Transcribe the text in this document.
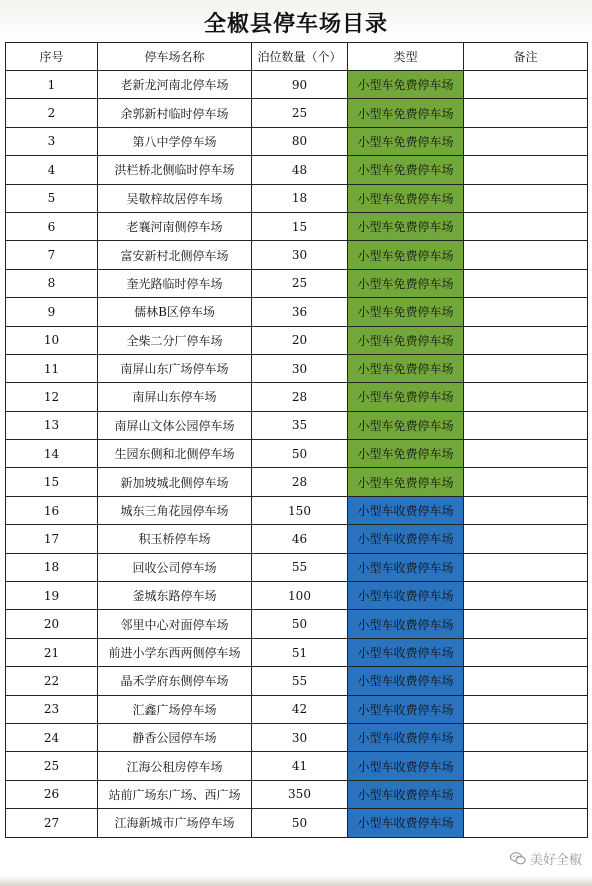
全椒县停车场目录
序号	停车场名称	泊位数量（个）	类型	备注
1	老新龙河南北停车场	90	小型车免费停车场	
2	余郭新村临时停车场	25	小型车免费停车场	
3	第八中学停车场	80	小型车免费停车场	
4	洪栏桥北侧临时停车场	48	小型车免费停车场	
5	吴敬梓故居停车场	18	小型车免费停车场	
6	老襄河南侧停车场	15	小型车免费停车场	
7	富安新村北侧停车场	30	小型车免费停车场	
8	奎光路临时停车场	25	小型车免费停车场	
9	儒林B区停车场	36	小型车免费停车场	
10	全柴二分厂停车场	20	小型车免费停车场	
11	南屏山东广场停车场	30	小型车免费停车场	
12	南屏山东停车场	28	小型车免费停车场	
13	南屏山文体公园停车场	35	小型车免费停车场	
14	生园东侧和北侧停车场	50	小型车免费停车场	
15	新加坡城北侧停车场	28	小型车免费停车场	
16	城东三角花园停车场	150	小型车收费停车场	
17	积玉桥停车场	46	小型车收费停车场	
18	回收公司停车场	55	小型车收费停车场	
19	釜城东路停车场	100	小型车收费停车场	
20	邻里中心对面停车场	50	小型车收费停车场	
21	前进小学东西两侧停车场	51	小型车收费停车场	
22	晶禾学府东侧停车场	55	小型车收费停车场	
23	汇鑫广场停车场	42	小型车收费停车场	
24	静香公园停车场	30	小型车收费停车场	
25	江海公租房停车场	41	小型车收费停车场	
26	站前广场东广场、西广场	350	小型车收费停车场	
27	江海新城市广场停车场	50	小型车收费停车场	
美好全椒
